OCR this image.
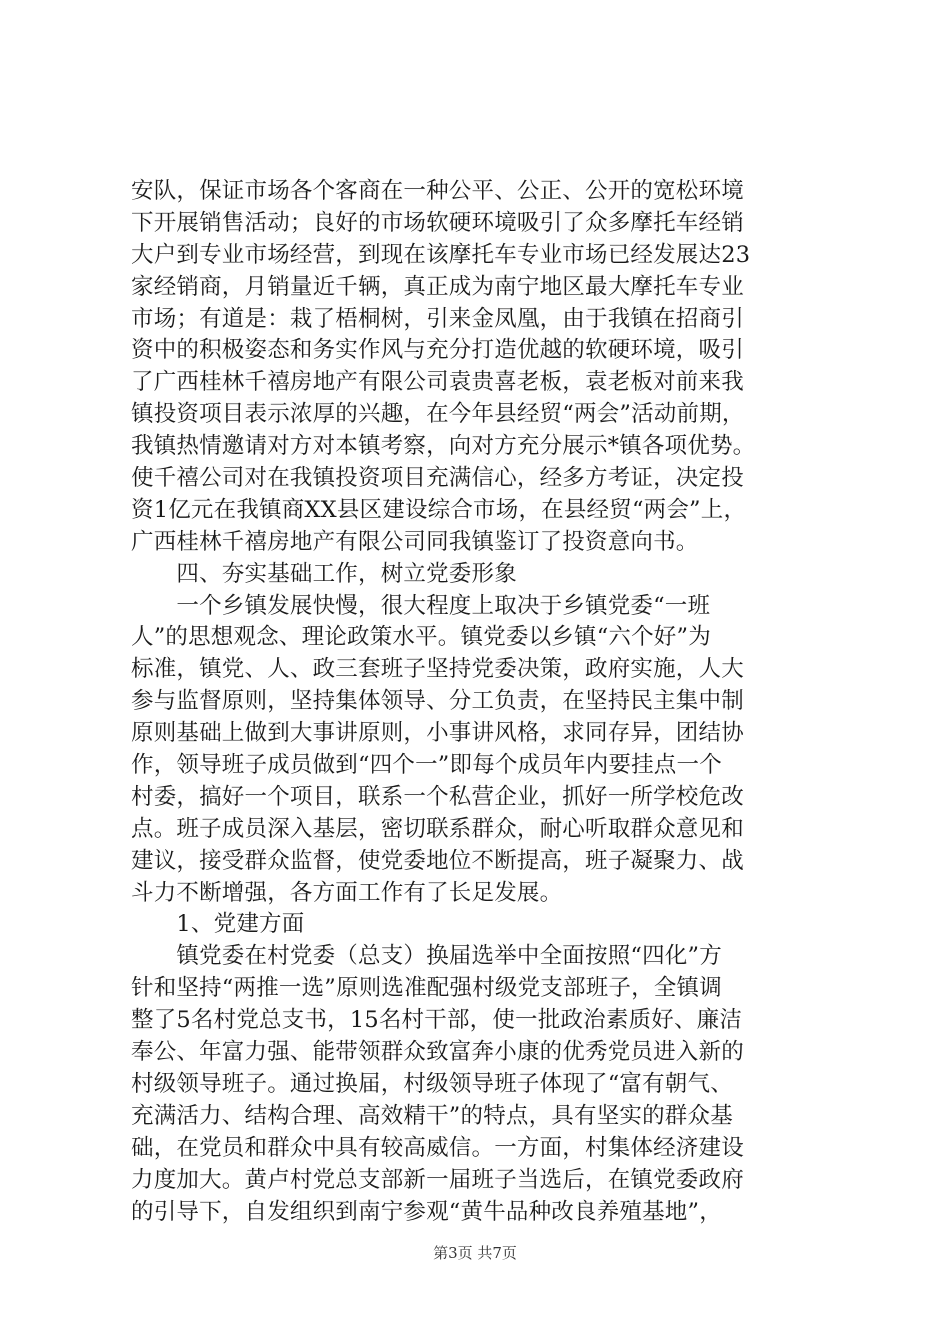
安队，保证市场各个客商在一种公平、公正、公开的宽松环境
下开展销售活动；良好的市场软硬环境吸引了众多摩托车经销
大户到专业市场经营，到现在该摩托车专业市场已经发展达23
家经销商，月销量近千辆，真正成为南宁地区最大摩托车专业
市场；有道是：栽了梧桐树，引来金凤凰，由于我镇在招商引
资中的积极姿态和务实作风与充分打造优越的软硬环境，吸引
了广西桂林千禧房地产有限公司袁贵喜老板，袁老板对前来我
镇投资项目表示浓厚的兴趣，在今年县经贸“两会”活动前期，
我镇热情邀请对方对本镇考察，向对方充分展示*镇各项优势。
使千禧公司对在我镇投资项目充满信心，经多方考证，决定投
资1亿元在我镇商XX县区建设综合市场，在县经贸“两会”上，
广西桂林千禧房地产有限公司同我镇鉴订了投资意向书。
　　四、夯实基础工作，树立党委形象
　　一个乡镇发展快慢，很大程度上取决于乡镇党委“一班
人”的思想观念、理论政策水平。镇党委以乡镇“六个好”为
标准，镇党、人、政三套班子坚持党委决策，政府实施，人大
参与监督原则，坚持集体领导、分工负责，在坚持民主集中制
原则基础上做到大事讲原则，小事讲风格，求同存异，团结协
作，领导班子成员做到“四个一”即每个成员年内要挂点一个
村委，搞好一个项目，联系一个私营企业，抓好一所学校危改
点。班子成员深入基层，密切联系群众，耐心听取群众意见和
建议，接受群众监督，使党委地位不断提高，班子凝聚力、战
斗力不断增强，各方面工作有了长足发展。
　　1、党建方面
　　镇党委在村党委（总支）换届选举中全面按照“四化”方
针和坚持“两推一选”原则选准配强村级党支部班子，全镇调
整了5名村党总支书，15名村干部，使一批政治素质好、廉洁
奉公、年富力强、能带领群众致富奔小康的优秀党员进入新的
村级领导班子。通过换届，村级领导班子体现了“富有朝气、
充满活力、结构合理、高效精干”的特点，具有坚实的群众基
础，在党员和群众中具有较高威信。一方面，村集体经济建设
力度加大。黄卢村党总支部新一届班子当选后，在镇党委政府
的引导下，自发组织到南宁参观“黄牛品种改良养殖基地”，
第3页 共7页
